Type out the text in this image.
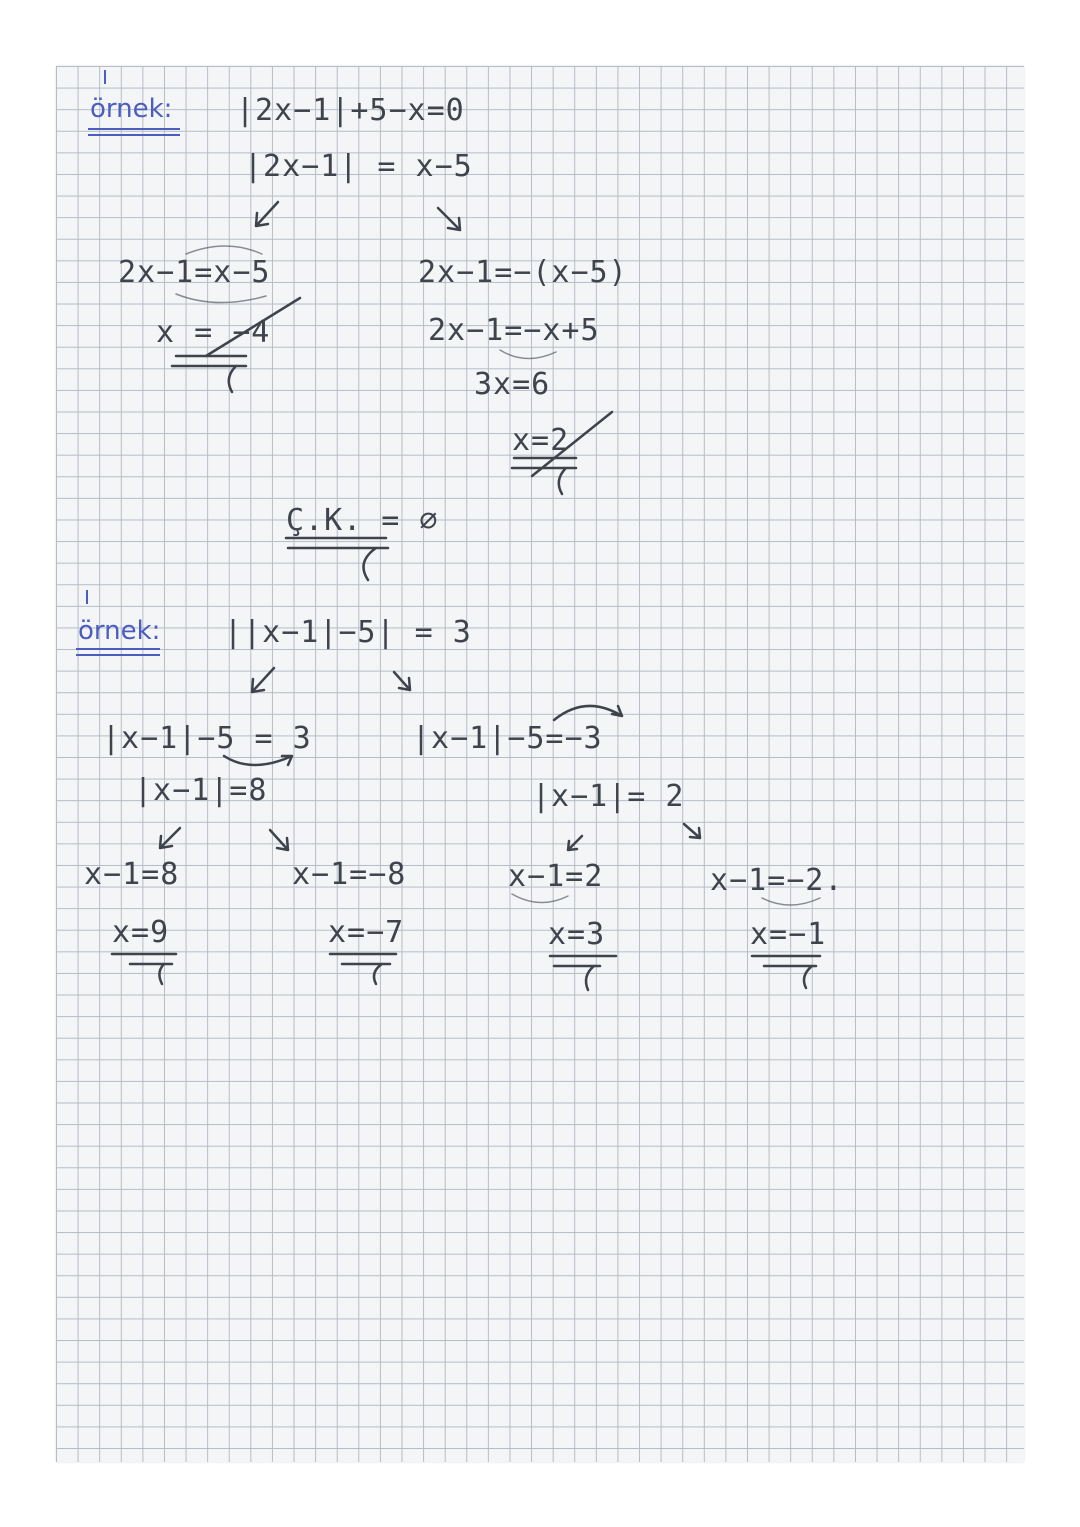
örnek: |2x−1|+5−x=0
|2x−1| = x−5
2x−1=x−5
x = −4
2x−1=−(x−5)
2x−1=−x+5
3x=6
x=2
Ç.K. = ∅
örnek: ||x−1|−5| = 3
|x−1|−5 = 3
|x−1|=8
|x−1|−5=−3
|x−1|= 2
x−1=8	x−1=−8	x−1=2	x−1=−2.
x=9	x=−7	x=3	x=−1
